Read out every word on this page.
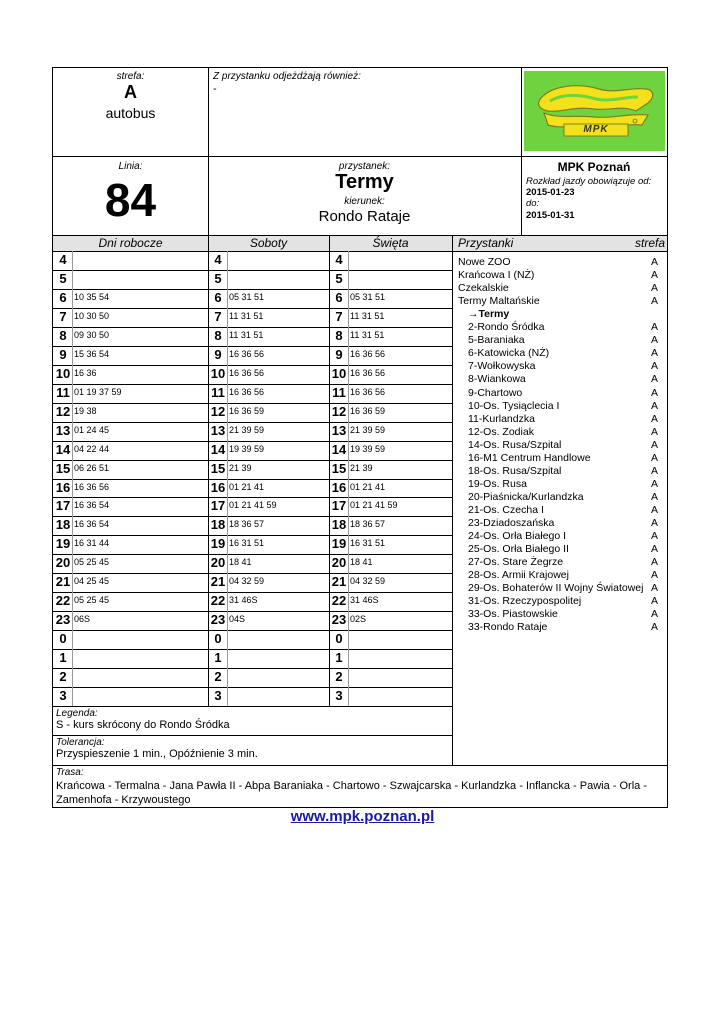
strefa:
A
autobus
Z przystanku odjeżdżają również:
-
MPK
Linia:
84
przystanek:
Termy
kierunek:
Rondo Rataje
MPK Poznań
Rozkład jazdy obowiązuje od:
2015-01-23
do:
2015-01-31
Dni robocze	Soboty	Święta	Przystanki	strefa
4	4	4
5	5	5
6 10 35 54	6 05 31 51	6 05 31 51
7 10 30 50	7 11 31 51	7 11 31 51
8 09 30 50	8 11 31 51	8 11 31 51
9 15 36 54	9 16 36 56	9 16 36 56
10 16 36	10 16 36 56	10 16 36 56
11 01 19 37 59	11 16 36 56	11 16 36 56
12 19 38	12 16 36 59	12 16 36 59
13 01 24 45	13 21 39 59	13 21 39 59
14 04 22 44	14 19 39 59	14 19 39 59
15 06 26 51	15 21 39	15 21 39
16 16 36 56	16 01 21 41	16 01 21 41
17 16 36 54	17 01 21 41 59	17 01 21 41 59
18 16 36 54	18 18 36 57	18 18 36 57
19 16 31 44	19 16 31 51	19 16 31 51
20 05 25 45	20 18 41	20 18 41
21 04 25 45	21 04 32 59	21 04 32 59
22 05 25 45	22 31 46S	22 31 46S
23 06S	23 04S	23 02S
0	0	0
1	1	1
2	2	2
3	3	3
Nowe ZOO	A
Krańcowa I (NŻ)	A
Czekalskie	A
Termy Maltańskie	A
→Termy
2-Rondo Śródka	A
5-Baraniaka	A
6-Katowicka (NŻ)	A
7-Wołkowyska	A
8-Wiankowa	A
9-Chartowo	A
10-Os. Tysiąclecia I	A
11-Kurlandzka	A
12-Os. Zodiak	A
14-Os. Rusa/Szpital	A
16-M1 Centrum Handlowe	A
18-Os. Rusa/Szpital	A
19-Os. Rusa	A
20-Piaśnicka/Kurlandzka	A
21-Os. Czecha I	A
23-Dziadoszańska	A
24-Os. Orła Białego I	A
25-Os. Orła Białego II	A
27-Os. Stare Żegrze	A
28-Os. Armii Krajowej	A
29-Os. Bohaterów II Wojny Światowej A
31-Os. Rzeczypospolitej	A
33-Os. Piastowskie	A
33-Rondo Rataje	A
Legenda:
S - kurs skrócony do Rondo Śródka
Tolerancja:
Przyspieszenie 1 min., Opóźnienie 3 min.
Trasa:
Krańcowa - Termalna - Jana Pawła II - Abpa Baraniaka - Chartowo - Szwajcarska - Kurlandzka - Inflancka - Pawia - Orla - Zamenhofa - Krzywoustego
www.mpk.poznan.pl
